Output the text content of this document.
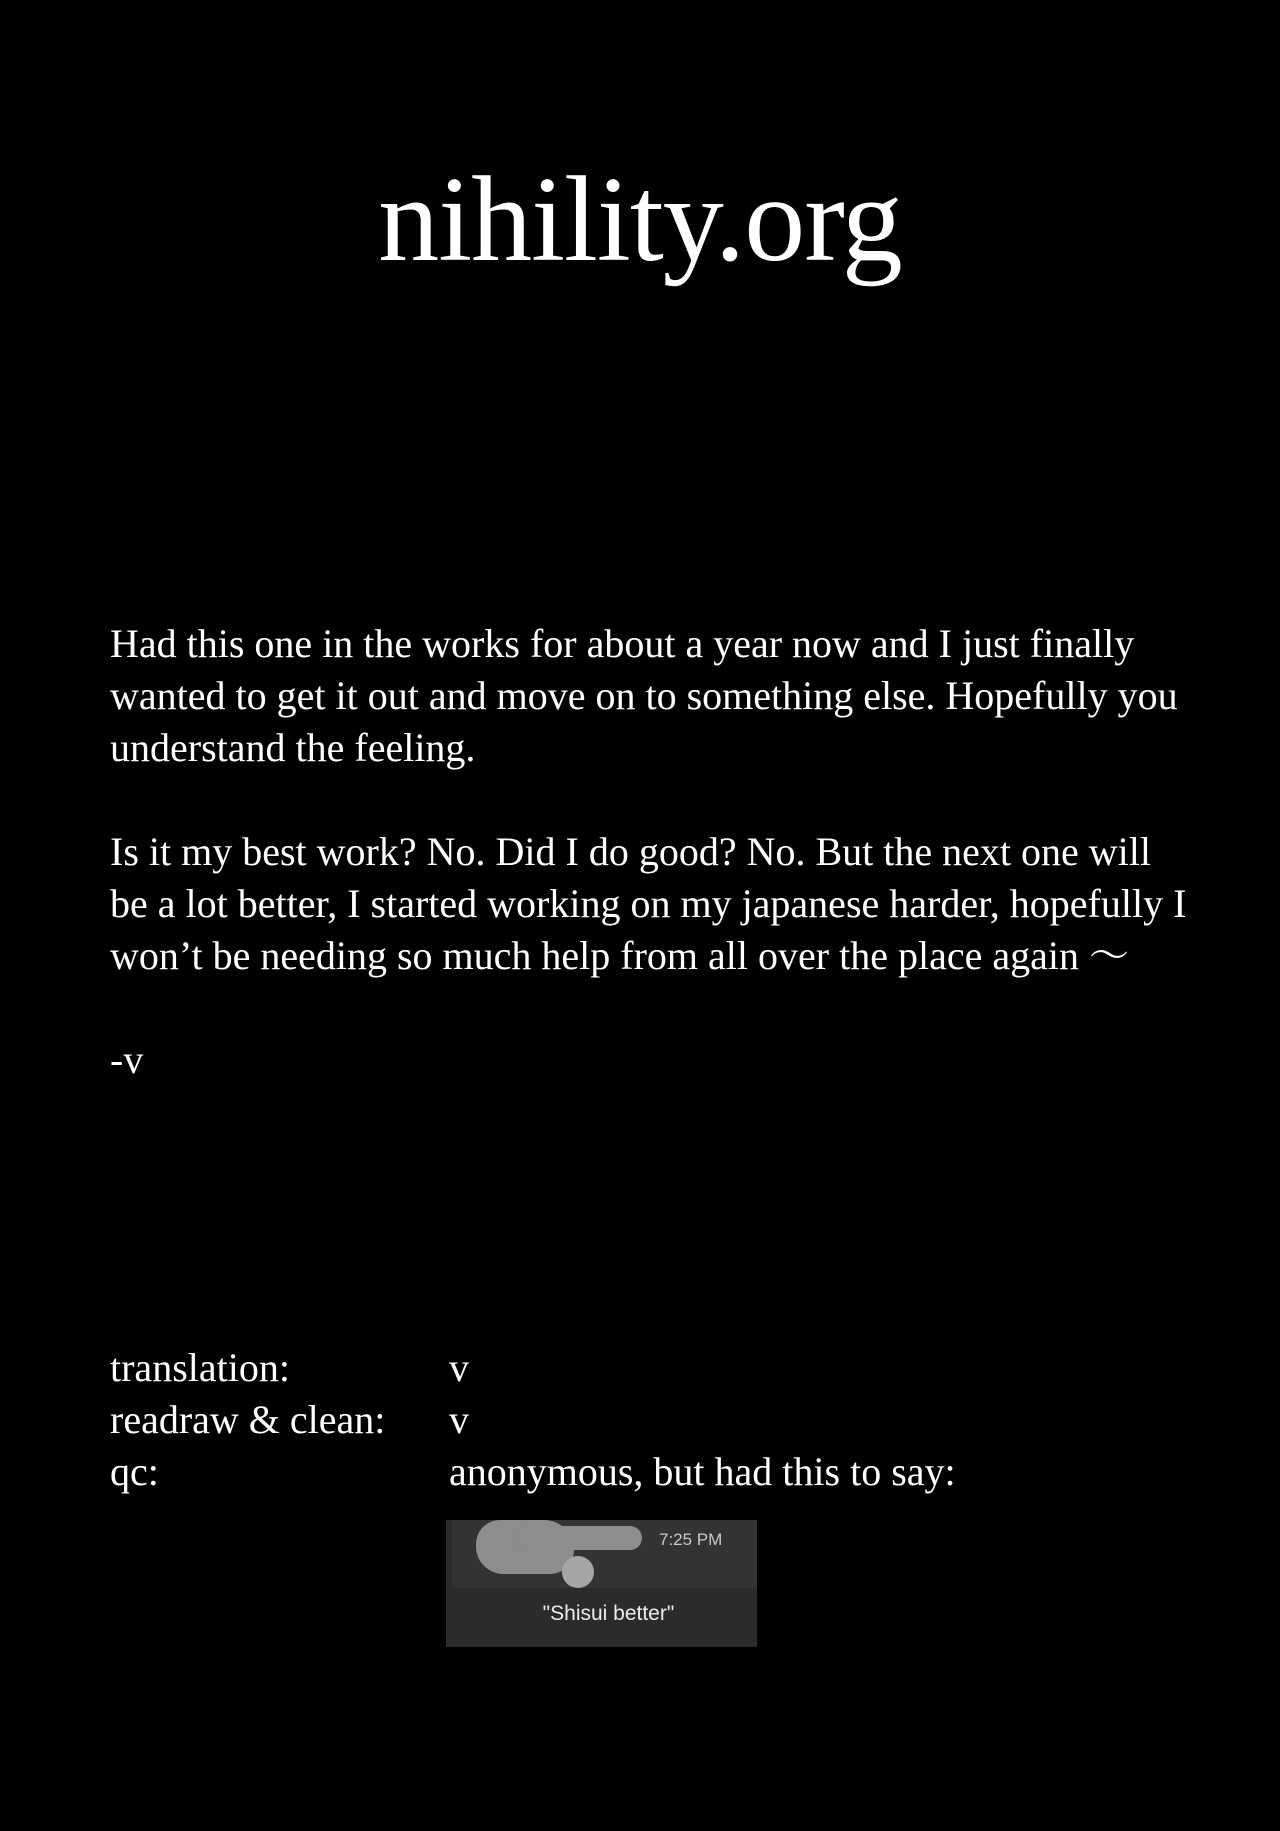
nihility.org

Had this one in the works for about a year now and I just finally wanted to get it out and move on to something else. Hopefully you understand the feeling.

Is it my best work? No. Did I do good? No. But the next one will be a lot better, I started working on my japanese harder, hopefully I won’t be needing so much help from all over the place again 〜

-v

translation:	v
readraw & clean:	v
qc:	anonymous, but had this to say:
7:25 PM
"Shisui better"
